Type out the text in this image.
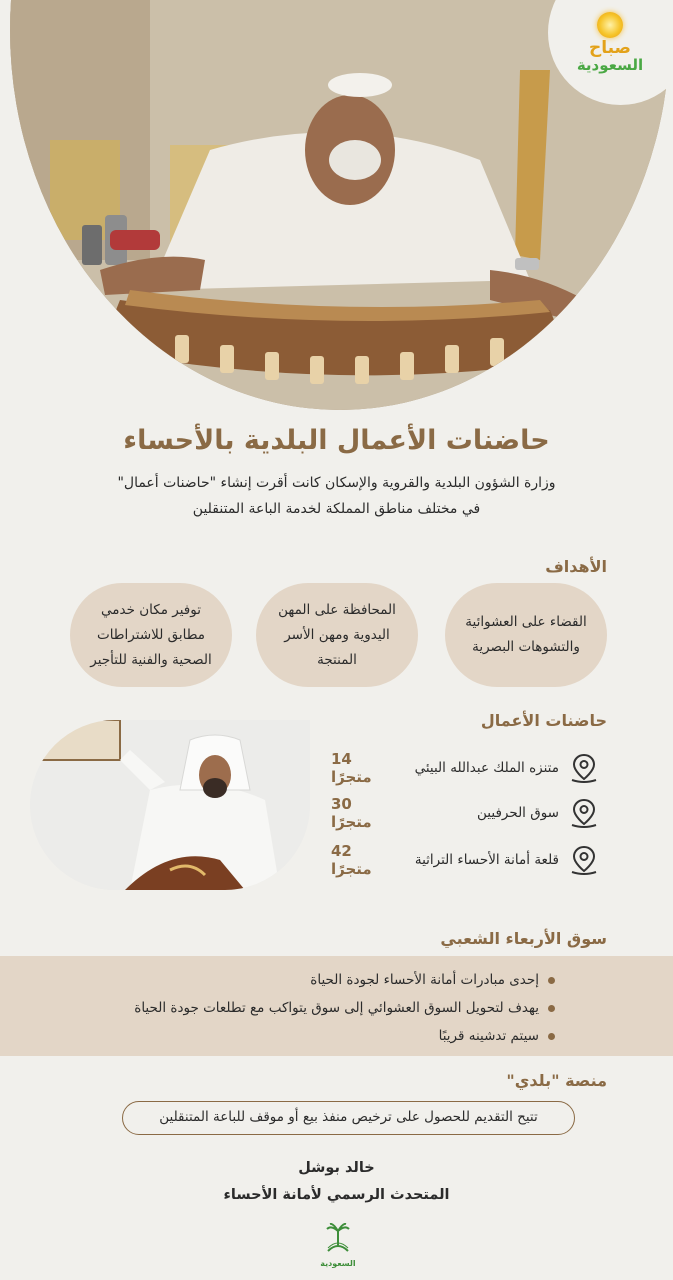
صباح
السعودية
حاضنات الأعمال البلدية بالأحساء
وزارة الشؤون البلدية والقروية والإسكان كانت أقرت إنشاء "حاضنات أعمال"
في مختلف مناطق المملكة لخدمة الباعة المتنقلين
الأهداف
القضاء على العشوائية
والتشوهات البصرية
المحافظة على المهن
اليدوية ومهن الأسر
المنتجة
توفير مكان خدمي
مطابق للاشتراطات
الصحية والفنية للتأجير
حاضنات الأعمال
متنزه الملك عبدالله البيئي
14 متجرًا
سوق الحرفيين
30 متجرًا
قلعة أمانة الأحساء التراثية
42 متجرًا
سوق الأربعاء الشعبي
إحدى مبادرات أمانة الأحساء لجودة الحياة
يهدف لتحويل السوق العشوائي إلى سوق يتواكب مع تطلعات جودة الحياة
سيتم تدشينه قريبًا
منصة "بلدي"
تتيح التقديم للحصول على ترخيص منفذ بيع أو موقف للباعة المتنقلين
خالد بوشل
المتحدث الرسمي لأمانة الأحساء
السعودية
